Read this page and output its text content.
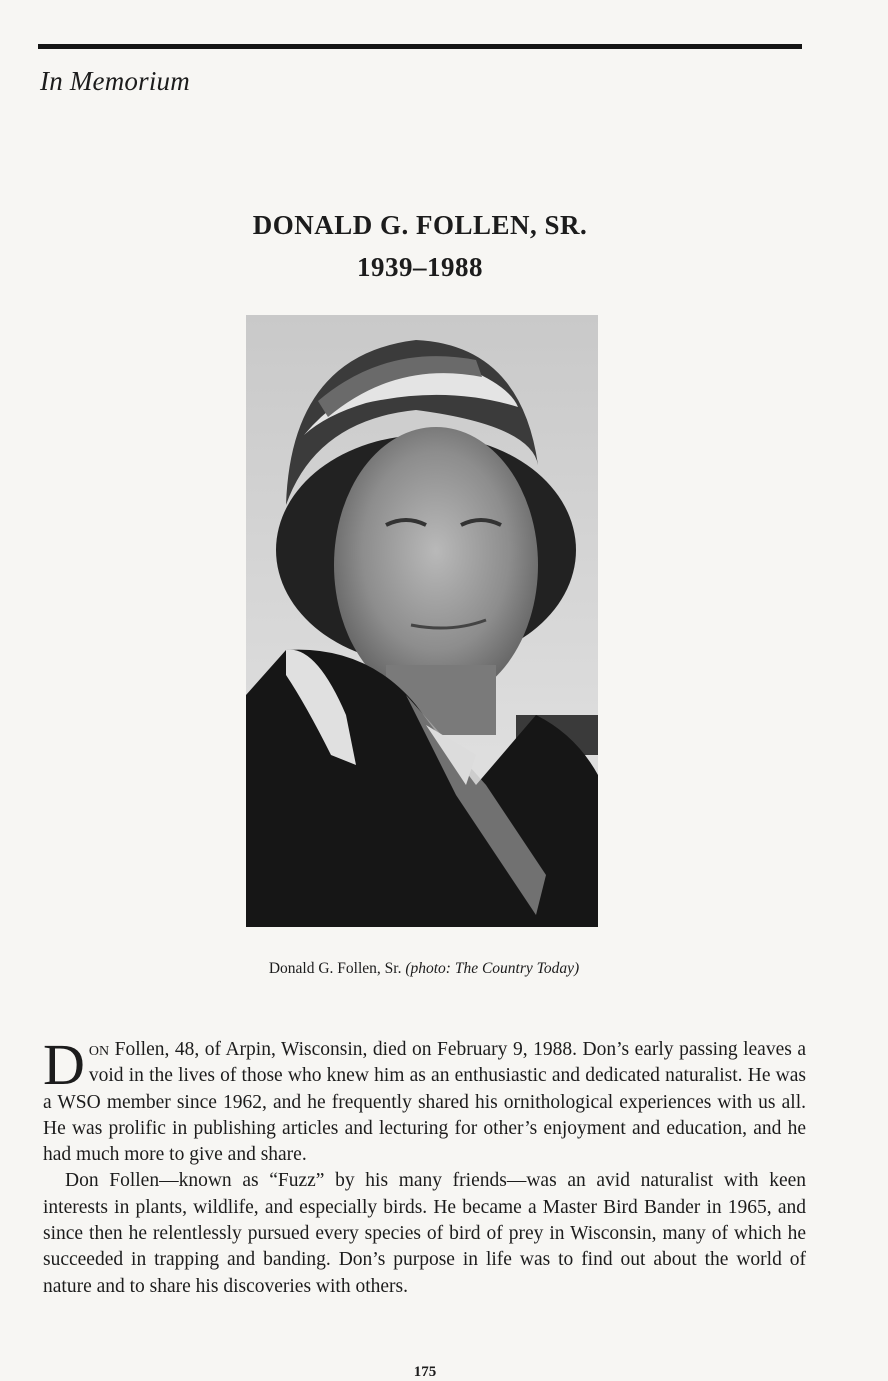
In Memorium
DONALD G. FOLLEN, SR.
1939–1988
Donald G. Follen, Sr. (photo: The Country Today)

Don Follen, 48, of Arpin, Wisconsin, died on February 9, 1988. Don’s early passing leaves a void in the lives of those who knew him as an enthusiastic and dedicated naturalist. He was a WSO member since 1962, and he frequently shared his ornithological experiences with us all. He was prolific in publishing articles and lecturing for other’s enjoyment and education, and he had much more to give and share.

Don Follen—known as “Fuzz” by his many friends—was an avid naturalist with keen interests in plants, wildlife, and especially birds. He became a Master Bird Bander in 1965, and since then he relentlessly pursued every species of bird of prey in Wisconsin, many of which he succeeded in trapping and banding. Don’s purpose in life was to find out about the world of nature and to share his discoveries with others.

175
